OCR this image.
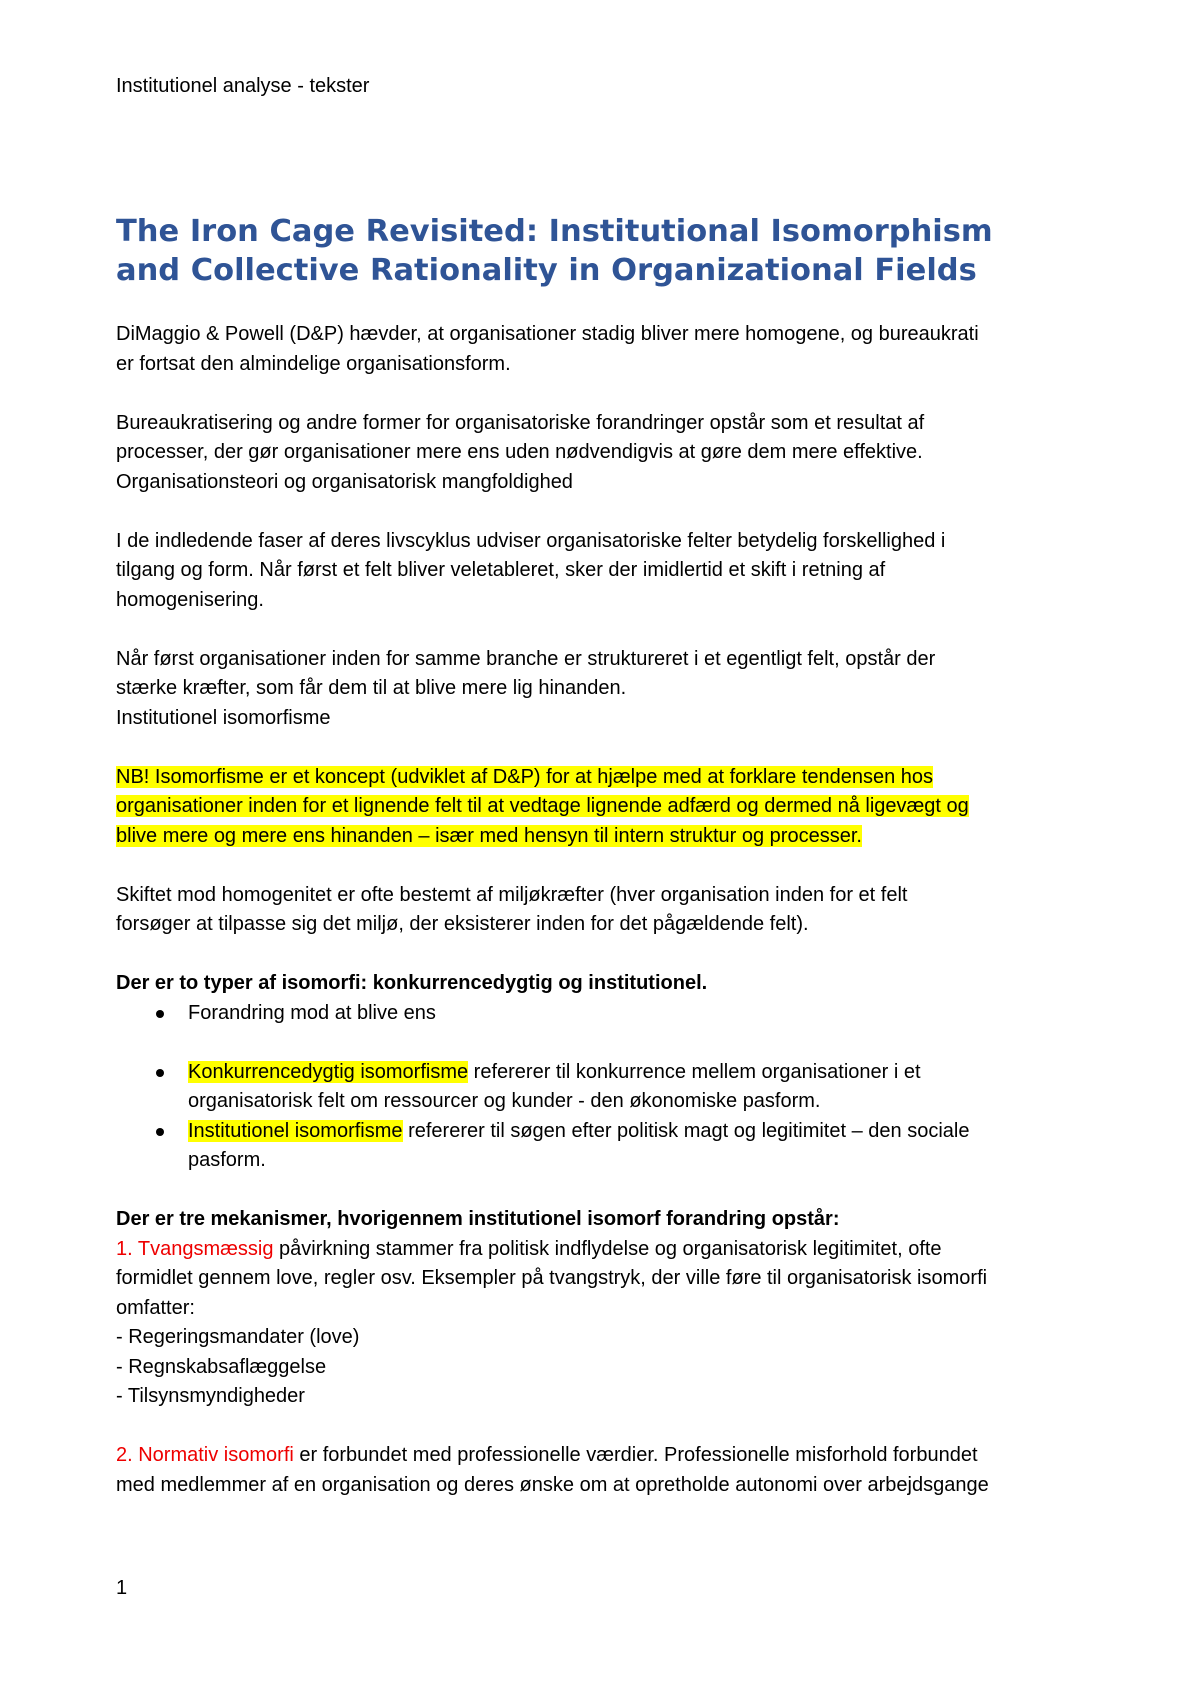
Institutionel analyse - tekster

The Iron Cage Revisited: Institutional Isomorphism
and Collective Rationality in Organizational Fields

DiMaggio & Powell (D&P) hævder, at organisationer stadig bliver mere homogene, og bureaukrati

er fortsat den almindelige organisationsform.

Bureaukratisering og andre former for organisatoriske forandringer opstår som et resultat af

processer, der gør organisationer mere ens uden nødvendigvis at gøre dem mere effektive.

Organisationsteori og organisatorisk mangfoldighed

I de indledende faser af deres livscyklus udviser organisatoriske felter betydelig forskellighed i

tilgang og form. Når først et felt bliver veletableret, sker der imidlertid et skift i retning af

homogenisering.

Når først organisationer inden for samme branche er struktureret i et egentligt felt, opstår der

stærke kræfter, som får dem til at blive mere lig hinanden.

Institutionel isomorfisme

NB! Isomorfisme er et koncept (udviklet af D&P) for at hjælpe med at forklare tendensen hos

organisationer inden for et lignende felt til at vedtage lignende adfærd og dermed nå ligevægt og

blive mere og mere ens hinanden – især med hensyn til intern struktur og processer.

Skiftet mod homogenitet er ofte bestemt af miljøkræfter (hver organisation inden for et felt

forsøger at tilpasse sig det miljø, der eksisterer inden for det pågældende felt).

Der er to typer af isomorfi: konkurrencedygtig og institutionel.

Forandring mod at blive ens
Konkurrencedygtig isomorfisme refererer til konkurrence mellem organisationer i et
organisatorisk felt om ressourcer og kunder - den økonomiske pasform.
Institutionel isomorfisme refererer til søgen efter politisk magt og legitimitet – den sociale
pasform.

Der er tre mekanismer, hvorigennem institutionel isomorf forandring opstår:

1. Tvangsmæssig påvirkning stammer fra politisk indflydelse og organisatorisk legitimitet, ofte

formidlet gennem love, regler osv. Eksempler på tvangstryk, der ville føre til organisatorisk isomorfi

omfatter:

- Regeringsmandater (love)

- Regnskabsaflæggelse

- Tilsynsmyndigheder

2. Normativ isomorfi er forbundet med professionelle værdier. Professionelle misforhold forbundet

med medlemmer af en organisation og deres ønske om at opretholde autonomi over arbejdsgange

1
